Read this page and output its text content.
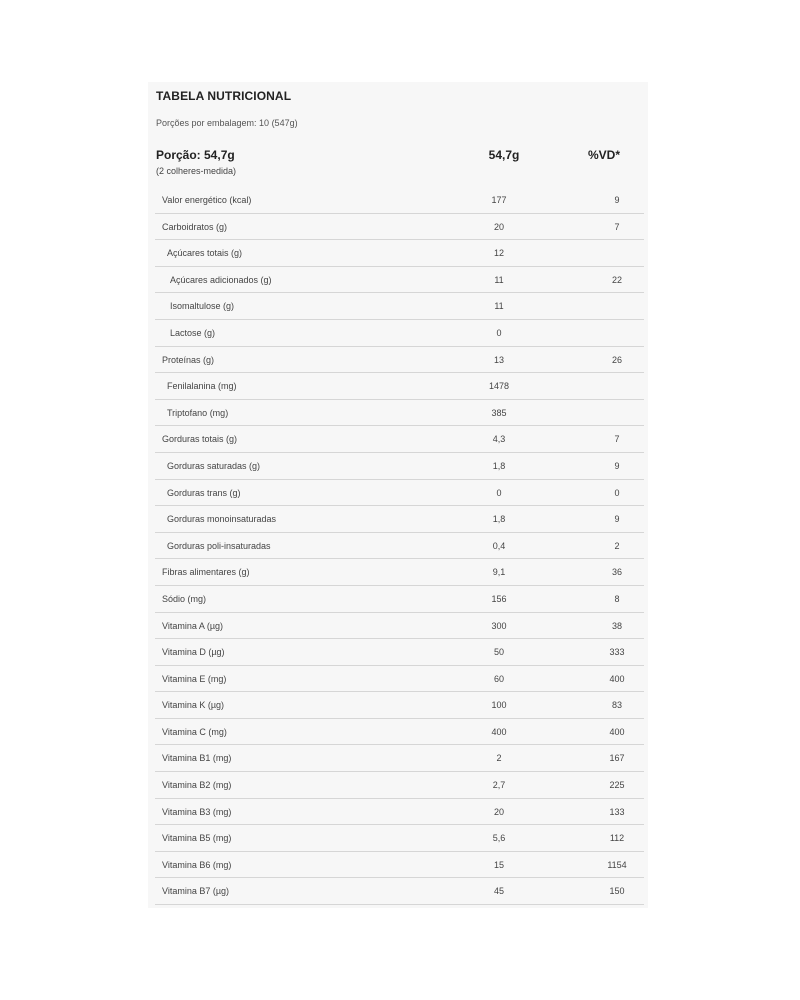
TABELA NUTRICIONAL
Porções por embalagem: 10 (547g)
Porção: 54,7g
(2 colheres-medida)
54,7g	%VD*
Valor energético (kcal)	177	9
Carboidratos (g)	20	7
Açúcares totais (g)	12
Açúcares adicionados (g)	11	22
Isomaltulose (g)	11
Lactose (g)	0
Proteínas (g)	13	26
Fenilalanina (mg)	1478
Triptofano (mg)	385
Gorduras totais (g)	4,3	7
Gorduras saturadas (g)	1,8	9
Gorduras trans (g)	0	0
Gorduras monoinsaturadas	1,8	9
Gorduras poli-insaturadas	0,4	2
Fibras alimentares (g)	9,1	36
Sódio (mg)	156	8
Vitamina A (µg)	300	38
Vitamina D (µg)	50	333
Vitamina E (mg)	60	400
Vitamina K (µg)	100	83
Vitamina C (mg)	400	400
Vitamina B1 (mg)	2	167
Vitamina B2 (mg)	2,7	225
Vitamina B3 (mg)	20	133
Vitamina B5 (mg)	5,6	112
Vitamina B6 (mg)	15	1154
Vitamina B7 (µg)	45	150
